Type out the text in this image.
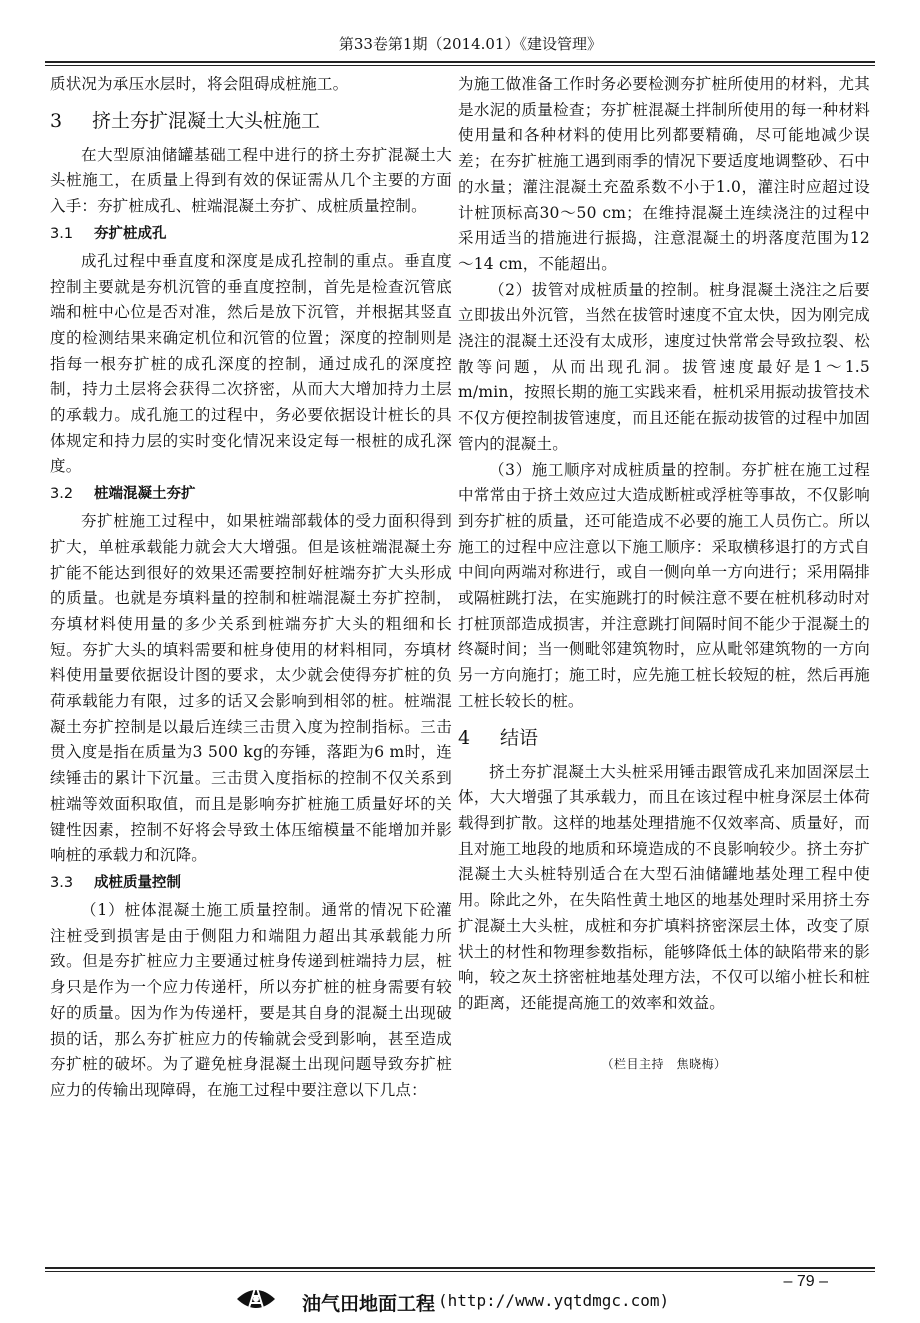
第33卷第1期（2014.01）《建设管理》

质状况为承压水层时，将会阻碍成桩施工。

3 挤土夯扩混凝土大头桩施工

在大型原油储罐基础工程中进行的挤土夯扩混凝土大头桩施工，在质量上得到有效的保证需从几个主要的方面入手：夯扩桩成孔、桩端混凝土夯扩、成桩质量控制。

3.1 夯扩桩成孔

成孔过程中垂直度和深度是成孔控制的重点。垂直度控制主要就是夯机沉管的垂直度控制，首先是检查沉管底端和桩中心位是否对准，然后是放下沉管，并根据其竖直度的检测结果来确定机位和沉管的位置；深度的控制则是指每一根夯扩桩的成孔深度的控制，通过成孔的深度控制，持力土层将会获得二次挤密，从而大大增加持力土层的承载力。成孔施工的过程中，务必要依据设计桩长的具体规定和持力层的实时变化情况来设定每一根桩的成孔深度。

3.2 桩端混凝土夯扩

夯扩桩施工过程中，如果桩端部载体的受力面积得到扩大，单桩承载能力就会大大增强。但是该桩端混凝土夯扩能不能达到很好的效果还需要控制好桩端夯扩大头形成的质量。也就是夯填料量的控制和桩端混凝土夯扩控制，夯填材料使用量的多少关系到桩端夯扩大头的粗细和长短。夯扩大头的填料需要和桩身使用的材料相同，夯填材料使用量要依据设计图的要求，太少就会使得夯扩桩的负荷承载能力有限，过多的话又会影响到相邻的桩。桩端混凝土夯扩控制是以最后连续三击贯入度为控制指标。三击贯入度是指在质量为3 500 kg的夯锤，落距为6 m时，连续锤击的累计下沉量。三击贯入度指标的控制不仅关系到桩端等效面积取值，而且是影响夯扩桩施工质量好坏的关键性因素，控制不好将会导致土体压缩模量不能增加并影响桩的承载力和沉降。

3.3 成桩质量控制

（1）桩体混凝土施工质量控制。通常的情况下砼灌注桩受到损害是由于侧阻力和端阻力超出其承载能力所致。但是夯扩桩应力主要通过桩身传递到桩端持力层，桩身只是作为一个应力传递杆，所以夯扩桩的桩身需要有较好的质量。因为作为传递杆，要是其自身的混凝土出现破损的话，那么夯扩桩应力的传输就会受到影响，甚至造成夯扩桩的破坏。为了避免桩身混凝土出现问题导致夯扩桩应力的传输出现障碍，在施工过程中要注意以下几点：

为施工做准备工作时务必要检测夯扩桩所使用的材料，尤其是水泥的质量检查；夯扩桩混凝土拌制所使用的每一种材料使用量和各种材料的使用比列都要精确，尽可能地减少误差；在夯扩桩施工遇到雨季的情况下要适度地调整砂、石中的水量；灌注混凝土充盈系数不小于1.0，灌注时应超过设计桩顶标高30～50 cm；在维持混凝土连续浇注的过程中采用适当的措施进行振捣，注意混凝土的坍落度范围为12～14 cm，不能超出。

（2）拔管对成桩质量的控制。桩身混凝土浇注之后要立即拔出外沉管，当然在拔管时速度不宜太快，因为刚完成浇注的混凝土还没有太成形，速度过快常常会导致拉裂、松散等问题，从而出现孔洞。拔管速度最好是1～1.5 m/min，按照长期的施工实践来看，桩机采用振动拔管技术不仅方便控制拔管速度，而且还能在振动拔管的过程中加固管内的混凝土。

（3）施工顺序对成桩质量的控制。夯扩桩在施工过程中常常由于挤土效应过大造成断桩或浮桩等事故，不仅影响到夯扩桩的质量，还可能造成不必要的施工人员伤亡。所以施工的过程中应注意以下施工顺序：采取横移退打的方式自中间向两端对称进行，或自一侧向单一方向进行；采用隔排或隔桩跳打法，在实施跳打的时候注意不要在桩机移动时对打桩顶部造成损害，并注意跳打间隔时间不能少于混凝土的终凝时间；当一侧毗邻建筑物时，应从毗邻建筑物的一方向另一方向施打；施工时，应先施工桩长较短的桩，然后再施工桩长较长的桩。

4 结语

挤土夯扩混凝土大头桩采用锤击跟管成孔来加固深层土体，大大增强了其承载力，而且在该过程中桩身深层土体荷载得到扩散。这样的地基处理措施不仅效率高、质量好，而且对施工地段的地质和环境造成的不良影响较少。挤土夯扩混凝土大头桩特别适合在大型石油储罐地基处理工程中使用。除此之外，在失陷性黄土地区的地基处理时采用挤土夯扩混凝土大头桩，成桩和夯扩填料挤密深层土体，改变了原状土的材性和物理参数指标，能够降低土体的缺陷带来的影响，较之灰土挤密桩地基处理方法，不仅可以缩小桩长和桩的距离，还能提高施工的效率和效益。

（栏目主持　焦晓梅）
– 79 –
油气田地面工程 (http://www.yqtdmgc.com)
